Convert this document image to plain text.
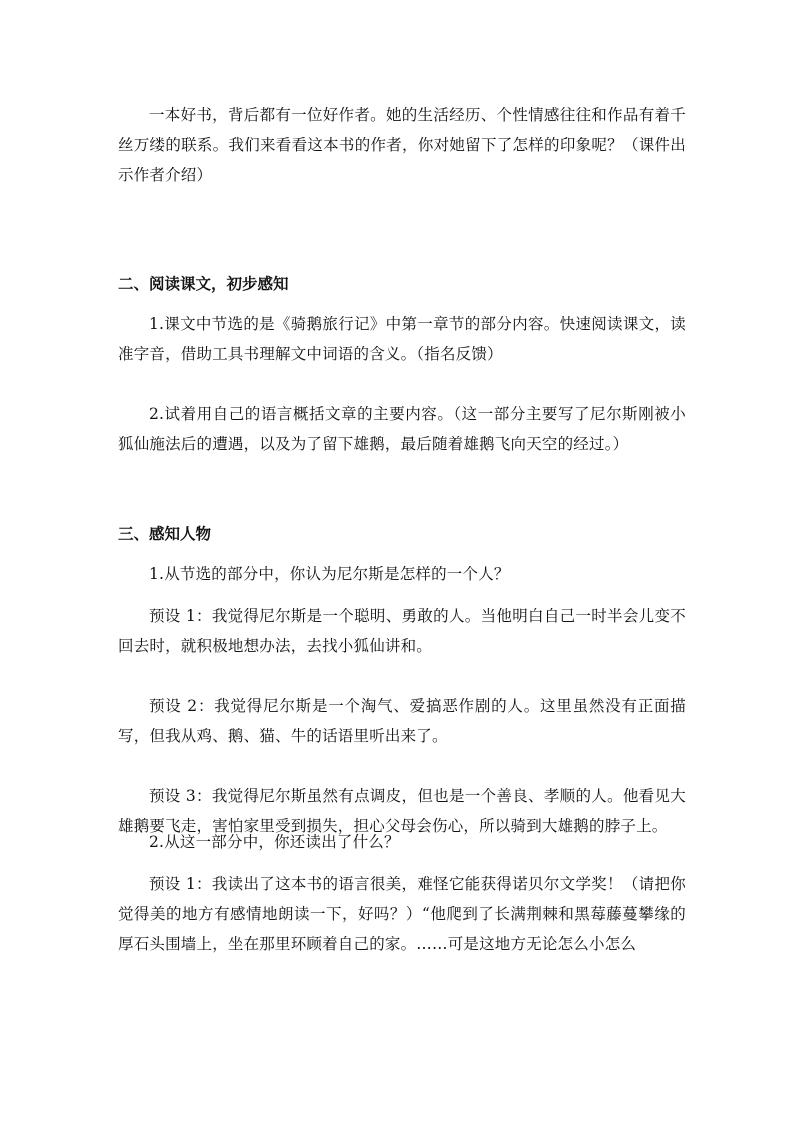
一本好书，背后都有一位好作者。她的生活经历、个性情感往往和作品有着千丝万缕的联系。我们来看看这本书的作者，你对她留下了怎样的印象呢？（课件出示作者介绍）

二、阅读课文，初步感知

1.课文中节选的是《骑鹅旅行记》中第一章节的部分内容。快速阅读课文，读准字音，借助工具书理解文中词语的含义。（指名反馈）

2.试着用自己的语言概括文章的主要内容。（这一部分主要写了尼尔斯刚被小狐仙施法后的遭遇，以及为了留下雄鹅，最后随着雄鹅飞向天空的经过。）

三、感知人物

1.从节选的部分中，你认为尼尔斯是怎样的一个人？

预设 1：我觉得尼尔斯是一个聪明、勇敢的人。当他明白自己一时半会儿变不回去时，就积极地想办法，去找小狐仙讲和。

预设 2：我觉得尼尔斯是一个淘气、爱搞恶作剧的人。这里虽然没有正面描写，但我从鸡、鹅、猫、牛的话语里听出来了。

预设 3：我觉得尼尔斯虽然有点调皮，但也是一个善良、孝顺的人。他看见大雄鹅要飞走，害怕家里受到损失，担心父母会伤心，所以骑到大雄鹅的脖子上。

2.从这一部分中，你还读出了什么？

预设 1：我读出了这本书的语言很美，难怪它能获得诺贝尔文学奖！（请把你觉得美的地方有感情地朗读一下，好吗？）“他爬到了长满荆棘和黑莓藤蔓攀缘的厚石头围墙上，坐在那里环顾着自己的家。……可是这地方无论怎么小怎么
